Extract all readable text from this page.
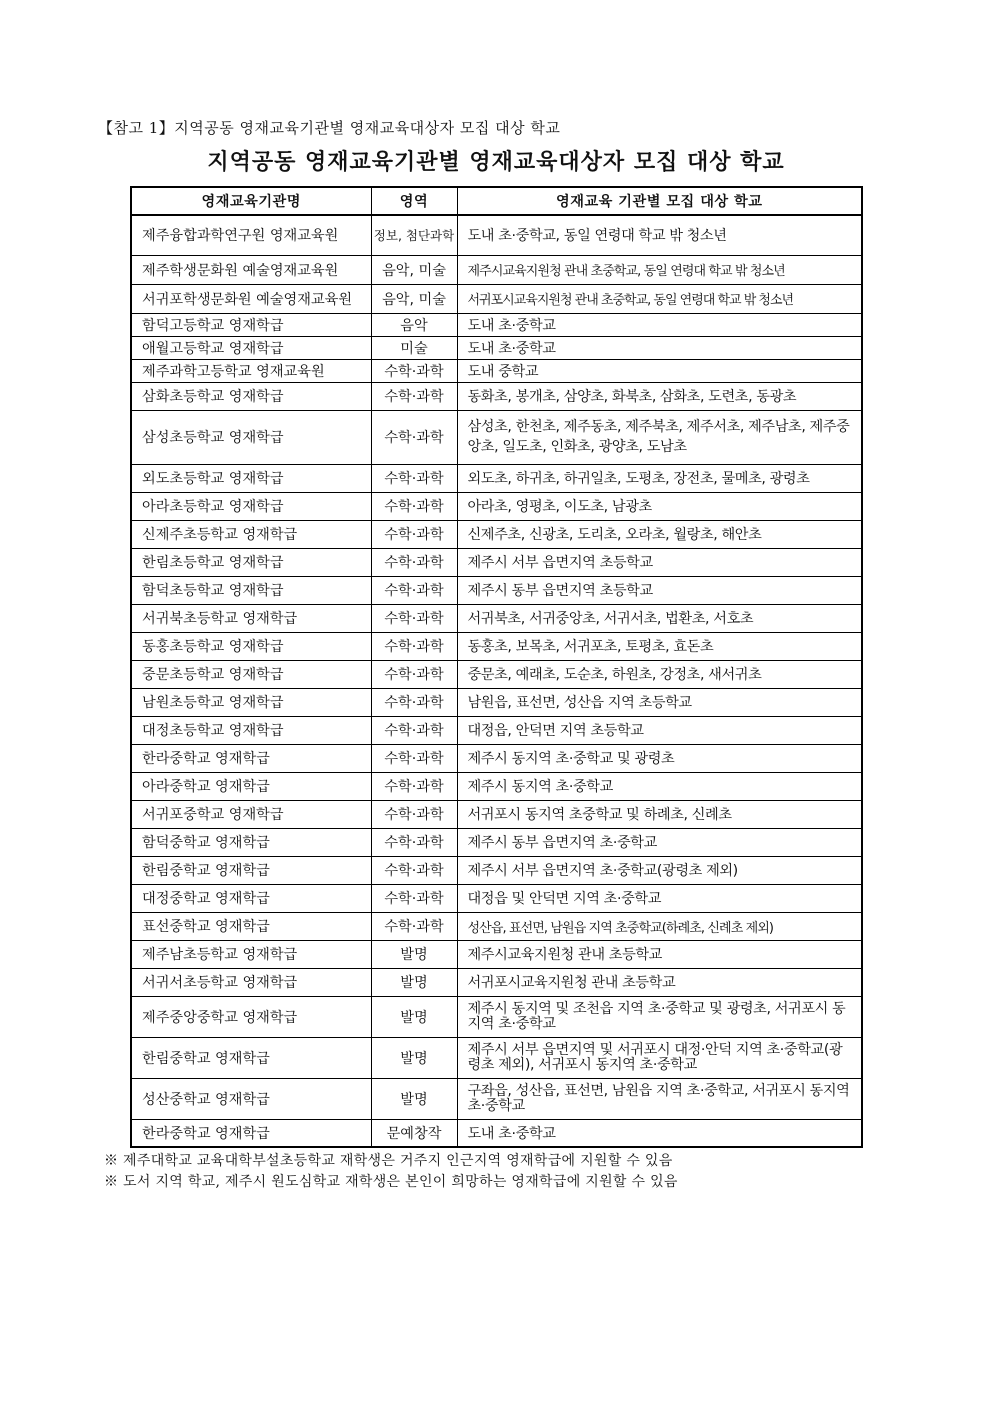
【참고 1】지역공동 영재교육기관별 영재교육대상자 모집 대상 학교
지역공동 영재교육기관별 영재교육대상자 모집 대상 학교
영재교육기관명	영역	영재교육 기관별 모집 대상 학교
제주융합과학연구원 영재교육원	정보, 첨단과학	도내 초·중학교, 동일 연령대 학교 밖 청소년
제주학생문화원 예술영재교육원	음악, 미술	제주시교육지원청 관내 초중학교, 동일 연령대 학교 밖 청소년
서귀포학생문화원 예술영재교육원	음악, 미술	서귀포시교육지원청 관내 초중학교, 동일 연령대 학교 밖 청소년
함덕고등학교 영재학급	음악	도내 초·중학교
애월고등학교 영재학급	미술	도내 초·중학교
제주과학고등학교 영재교육원	수학·과학	도내 중학교
삼화초등학교 영재학급	수학·과학	동화초, 봉개초, 삼양초, 화북초, 삼화초, 도련초, 동광초
삼성초등학교 영재학급	수학·과학	삼성초, 한천초, 제주동초, 제주북초, 제주서초, 제주남초, 제주중앙초, 일도초, 인화초, 광양초, 도남초
외도초등학교 영재학급	수학·과학	외도초, 하귀초, 하귀일초, 도평초, 장전초, 물메초, 광령초
아라초등학교 영재학급	수학·과학	아라초, 영평초, 이도초, 남광초
신제주초등학교 영재학급	수학·과학	신제주초, 신광초, 도리초, 오라초, 월랑초, 해안초
한림초등학교 영재학급	수학·과학	제주시 서부 읍면지역 초등학교
함덕초등학교 영재학급	수학·과학	제주시 동부 읍면지역 초등학교
서귀북초등학교 영재학급	수학·과학	서귀북초, 서귀중앙초, 서귀서초, 법환초, 서호초
동홍초등학교 영재학급	수학·과학	동홍초, 보목초, 서귀포초, 토평초, 효돈초
중문초등학교 영재학급	수학·과학	중문초, 예래초, 도순초, 하원초, 강정초, 새서귀초
남원초등학교 영재학급	수학·과학	남원읍, 표선면, 성산읍 지역 초등학교
대정초등학교 영재학급	수학·과학	대정읍, 안덕면 지역 초등학교
한라중학교 영재학급	수학·과학	제주시 동지역 초·중학교 및 광령초
아라중학교 영재학급	수학·과학	제주시 동지역 초·중학교
서귀포중학교 영재학급	수학·과학	서귀포시 동지역 초중학교 및 하례초, 신례초
함덕중학교 영재학급	수학·과학	제주시 동부 읍면지역 초·중학교
한림중학교 영재학급	수학·과학	제주시 서부 읍면지역 초·중학교(광령초 제외)
대정중학교 영재학급	수학·과학	대정읍 및 안덕면 지역 초·중학교
표선중학교 영재학급	수학·과학	성산읍, 표선면, 남원읍 지역 초중학교(하례초, 신례초 제외)
제주남초등학교 영재학급	발명	제주시교육지원청 관내 초등학교
서귀서초등학교 영재학급	발명	서귀포시교육지원청 관내 초등학교
제주중앙중학교 영재학급	발명	제주시 동지역 및 조천읍 지역 초·중학교 및 광령초, 서귀포시 동지역 초·중학교
한림중학교 영재학급	발명	제주시 서부 읍면지역 및 서귀포시 대정·안덕 지역 초·중학교(광령초 제외), 서귀포시 동지역 초·중학교
성산중학교 영재학급	발명	구좌읍, 성산읍, 표선면, 남원읍 지역 초·중학교, 서귀포시 동지역 초·중학교
한라중학교 영재학급	문예창작	도내 초·중학교
※ 제주대학교 교육대학부설초등학교 재학생은 거주지 인근지역 영재학급에 지원할 수 있음
※ 도서 지역 학교, 제주시 원도심학교 재학생은 본인이 희망하는 영재학급에 지원할 수 있음
